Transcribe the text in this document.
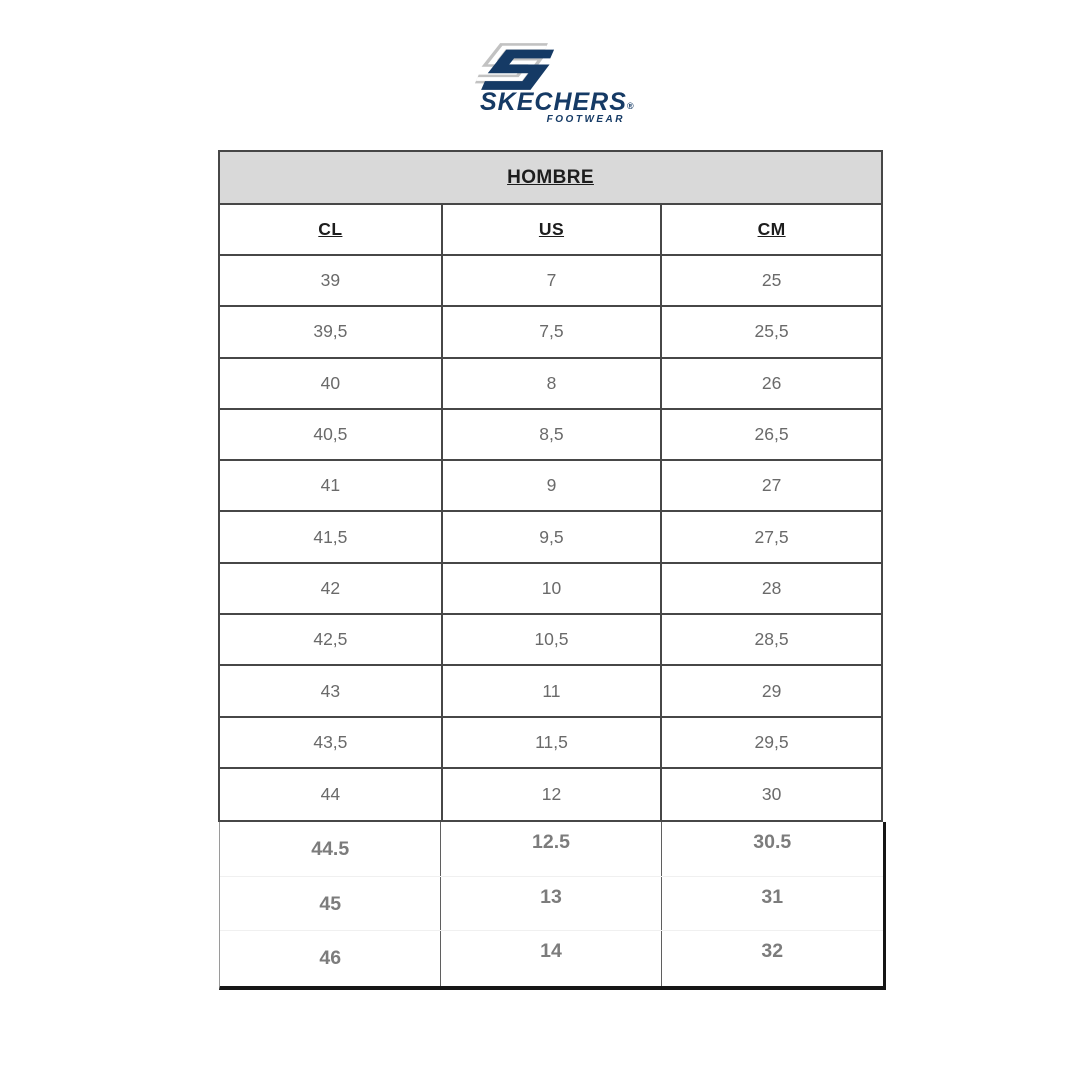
SKECHERS®
FOOTWEAR
HOMBRE
CL	US	CM
39	7	25
39,5	7,5	25,5
40	8	26
40,5	8,5	26,5
41	9	27
41,5	9,5	27,5
42	10	28
42,5	10,5	28,5
43	11	29
43,5	11,5	29,5
44	12	30
44.5	12.5	30.5
45	13	31
46	14	32
